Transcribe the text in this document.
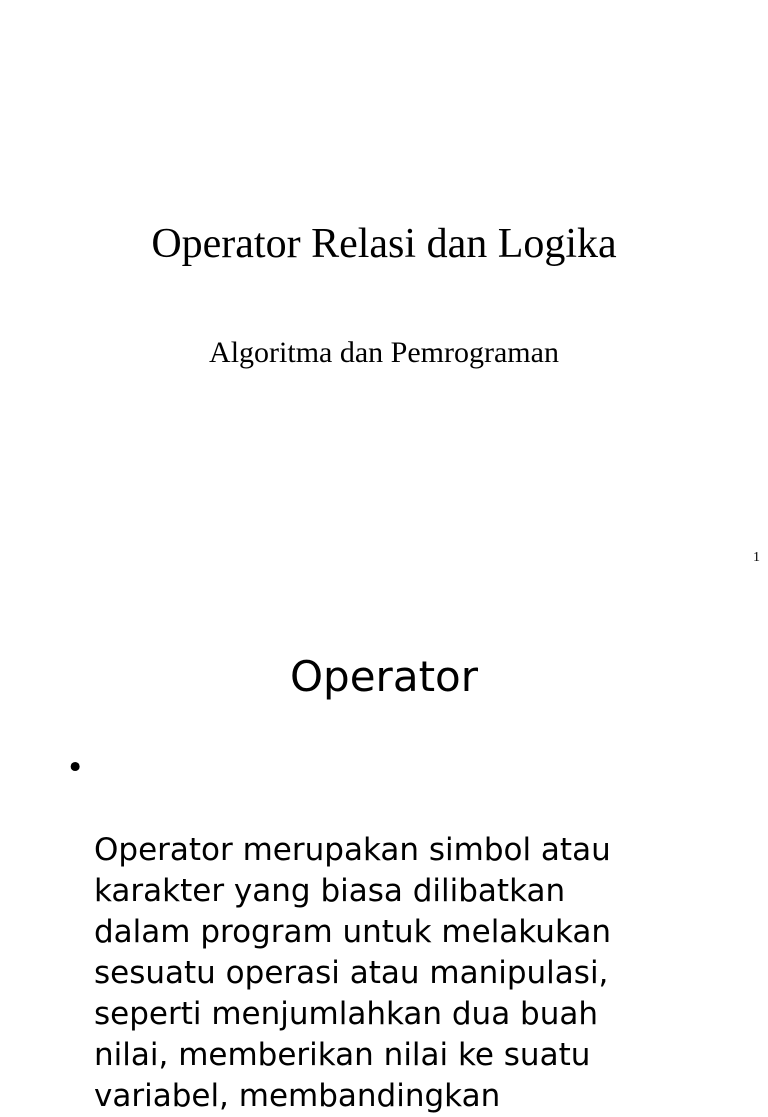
Operator Relasi dan Logika
Algoritma dan Pemrograman
1
Operator

•

Operator merupakan simbol atau
karakter yang biasa dilibatkan
dalam program untuk melakukan
sesuatu operasi atau manipulasi,
seperti menjumlahkan dua buah
nilai, memberikan nilai ke suatu
variabel, membandingkan
